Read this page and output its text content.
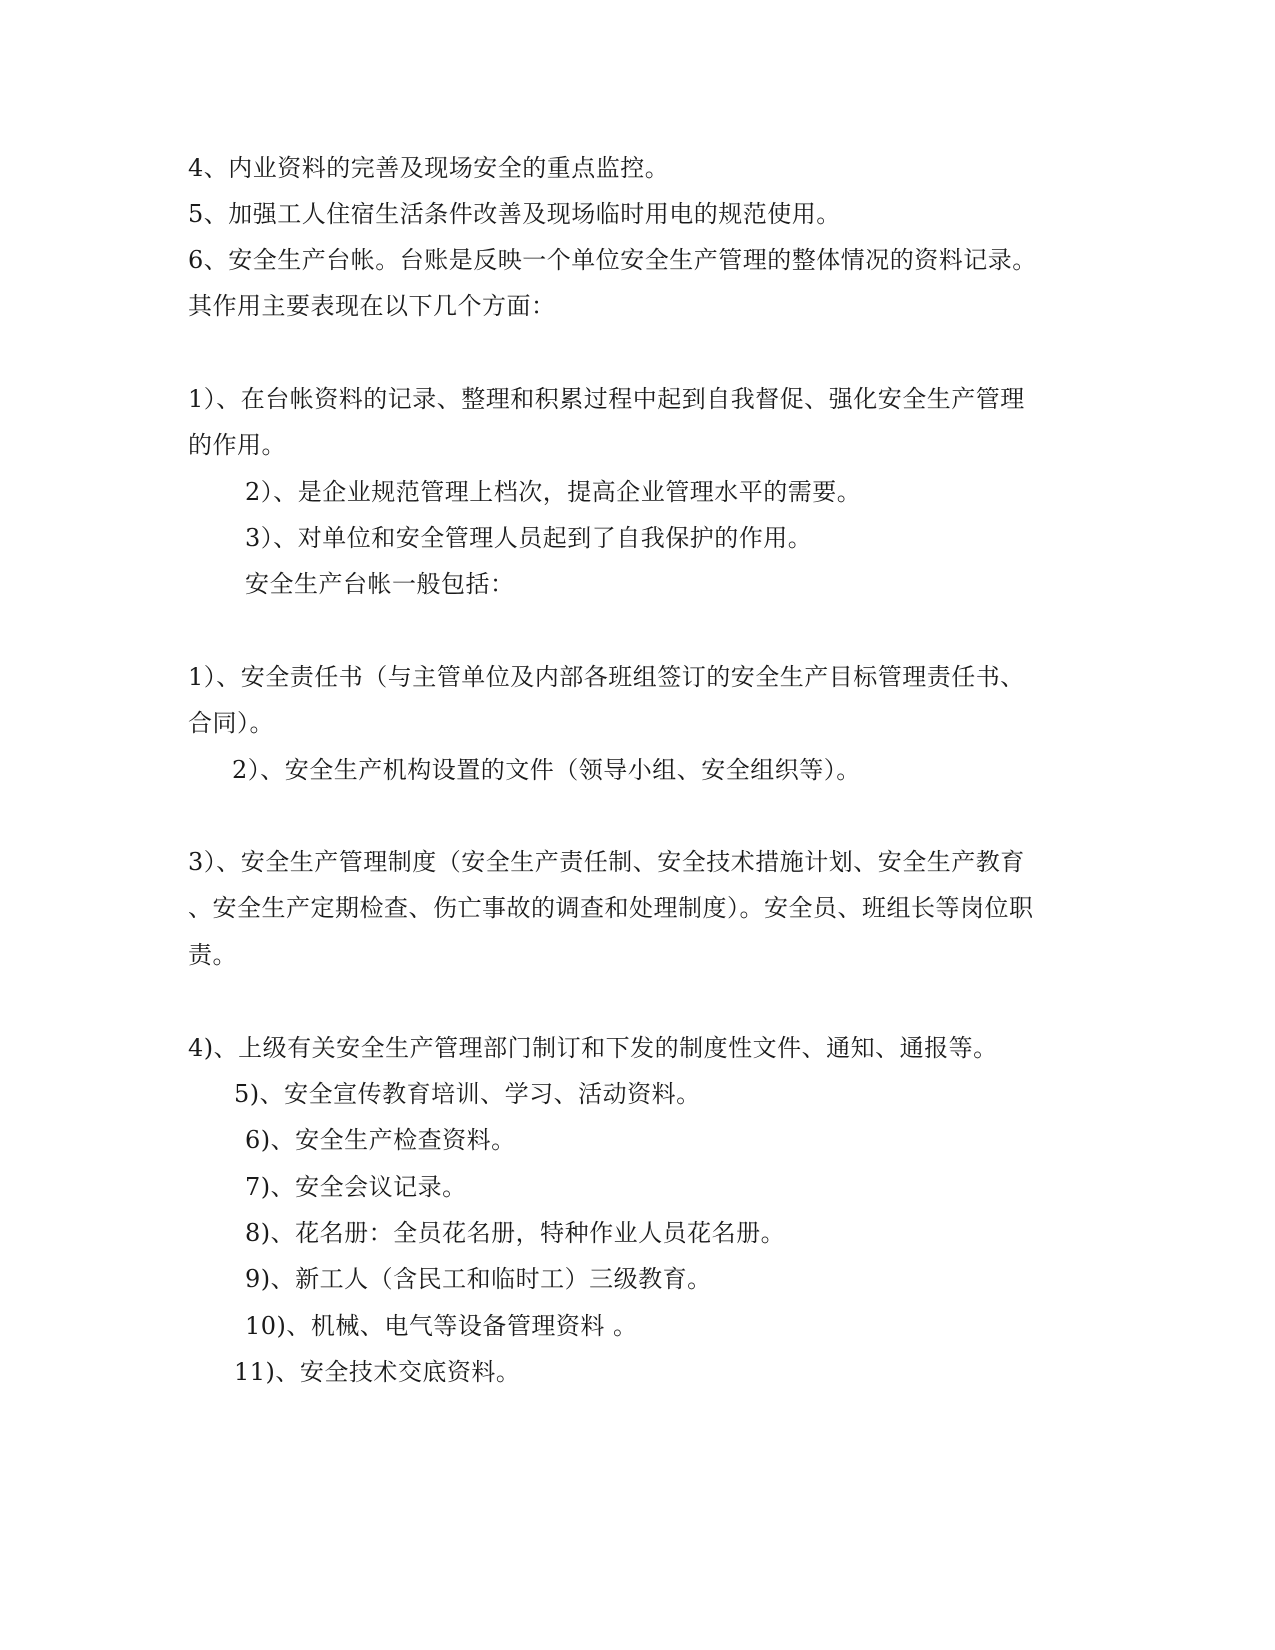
4、内业资料的完善及现场安全的重点监控。
5、加强工人住宿生活条件改善及现场临时用电的规范使用。
6、安全生产台帐。台账是反映一个单位安全生产管理的整体情况的资料记录。
其作用主要表现在以下几个方面：
1）、在台帐资料的记录、整理和积累过程中起到自我督促、强化安全生产管理
的作用。
2）、是企业规范管理上档次，提高企业管理水平的需要。
3）、对单位和安全管理人员起到了自我保护的作用。
安全生产台帐一般包括：
1）、安全责任书（与主管单位及内部各班组签订的安全生产目标管理责任书、
合同）。
2）、安全生产机构设置的文件（领导小组、安全组织等）。
3）、安全生产管理制度（安全生产责任制、安全技术措施计划、安全生产教育
、安全生产定期检查、伤亡事故的调查和处理制度）。安全员、班组长等岗位职
责。
4)、上级有关安全生产管理部门制订和下发的制度性文件、通知、通报等。
5)、安全宣传教育培训、学习、活动资料。
6)、安全生产检查资料。
7)、安全会议记录。
8)、花名册：全员花名册，特种作业人员花名册。
9)、新工人（含民工和临时工）三级教育。
10)、机械、电气等设备管理资料 。
11)、安全技术交底资料。
